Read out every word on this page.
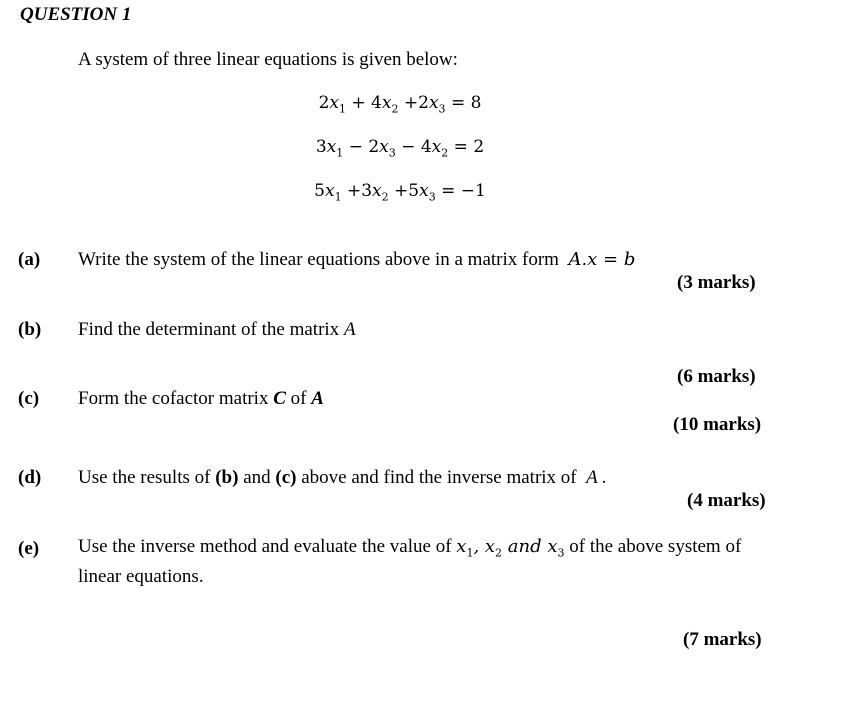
QUESTION 1
A system of three linear equations is given below:
$2x_1 + 4x_2 +2x_3 = 8$
$3x_1 - 2x_3 - 4x_2 = 2$
$5x_1 +3x_2 +5x_3 = -1$
(a) Write the system of the linear equations above in a matrix form A.x = b
(3 marks)
(b) Find the determinant of the matrix A
(6 marks)
(c) Form the cofactor matrix C of A
(10 marks)
(d) Use the results of (b) and (c) above and find the inverse matrix of A .
(4 marks)
(e) Use the inverse method and evaluate the value of $x_1$, $x_2$ and $x_3$ of the above system of linear equations.
(7 marks)
